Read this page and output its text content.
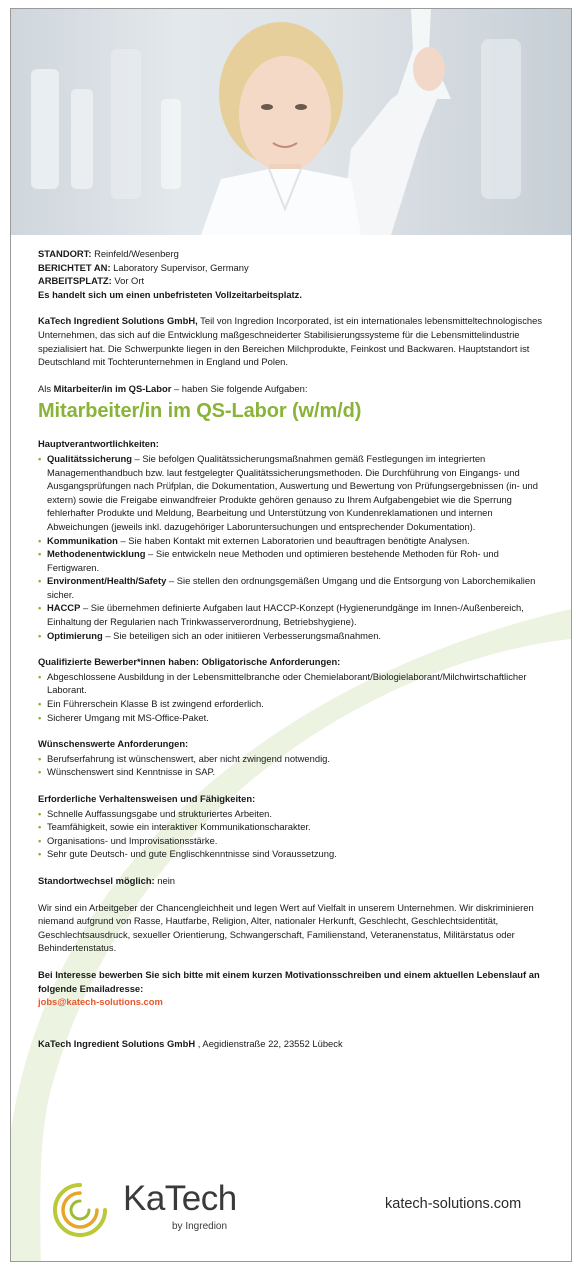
STANDORT: Reinfeld/Wesenberg
BERICHTET AN: Laboratory Supervisor, Germany
ARBEITSPLATZ: Vor Ort
Es handelt sich um einen unbefristeten Vollzeitarbeitsplatz.

KaTech Ingredient Solutions GmbH, Teil von Ingredion Incorporated, ist ein internationales lebensmitteltechnologisches Unternehmen, das sich auf die Entwicklung maßgeschneiderter Stabilisierungssysteme für die Lebensmittelindustrie spezialisiert hat. Die Schwerpunkte liegen in den Bereichen Milchprodukte, Feinkost und Backwaren. Hauptstandort ist Deutschland mit Tochterunternehmen in England und Polen.

Als Mitarbeiter/in im QS-Labor – haben Sie folgende Aufgaben:

Mitarbeiter/in im QS-Labor (w/m/d)
Hauptverantwortlichkeiten:
• Qualitätssicherung – Sie befolgen Qualitätssicherungsmaßnahmen gemäß Festlegungen im integrierten Managementhandbuch bzw. laut festgelegter Qualitätssicherungsmethoden. Die Durchführung von Eingangs- und Ausgangsprüfungen nach Prüfplan, die Dokumentation, Auswertung und Bewertung von Prüfungsergebnissen (in- und extern) sowie die Freigabe einwandfreier Produkte gehören genauso zu Ihrem Aufgabengebiet wie die Sperrung fehlerhafter Produkte und Meldung, Bearbeitung und Unterstützung von Kundenreklamationen und internen Abweichungen (jeweils inkl. dazugehöriger Laboruntersuchungen und entsprechender Dokumentation).
• Kommunikation – Sie haben Kontakt mit externen Laboratorien und beauftragen benötigte Analysen.
• Methodenentwicklung – Sie entwickeln neue Methoden und optimieren bestehende Methoden für Roh- und Fertigwaren.
• Environment/Health/Safety – Sie stellen den ordnungsgemäßen Umgang und die Entsorgung von Laborchemikalien sicher.
• HACCP – Sie übernehmen definierte Aufgaben laut HACCP-Konzept (Hygienerundgänge im Innen-/Außenbereich, Einhaltung der Regularien nach Trinkwasserverordnung, Betriebshygiene).
• Optimierung – Sie beteiligen sich an oder initiieren Verbesserungsmaßnahmen.
Qualifizierte Bewerber*innen haben: Obligatorische Anforderungen:
• Abgeschlossene Ausbildung in der Lebensmittelbranche oder Chemielaborant/Biologielaborant/Milchwirtschaftlicher Laborant.
• Ein Führerschein Klasse B ist zwingend erforderlich.
• Sicherer Umgang mit MS-Office-Paket.
Wünschenswerte Anforderungen:
• Berufserfahrung ist wünschenswert, aber nicht zwingend notwendig.
• Wünschenswert sind Kenntnisse in SAP.
Erforderliche Verhaltensweisen und Fähigkeiten:
• Schnelle Auffassungsgabe und strukturiertes Arbeiten.
• Teamfähigkeit, sowie ein interaktiver Kommunikationscharakter.
• Organisations- und Improvisationsstärke.
• Sehr gute Deutsch- und gute Englischkenntnisse sind Voraussetzung.

Standortwechsel möglich: nein

Wir sind ein Arbeitgeber der Chancengleichheit und legen Wert auf Vielfalt in unserem Unternehmen. Wir diskriminieren niemand aufgrund von Rasse, Hautfarbe, Religion, Alter, nationaler Herkunft, Geschlecht, Geschlechtsidentität, Geschlechtsausdruck, sexueller Orientierung, Schwangerschaft, Familienstand, Veteranenstatus, Militärstatus oder Behindertenstatus.

Bei Interesse bewerben Sie sich bitte mit einem kurzen Motivationsschreiben und einem aktuellen Lebenslauf an folgende Emailadresse:
jobs@katech-solutions.com

KaTech Ingredient Solutions GmbH , Aegidienstraße 22, 23552 Lübeck

KaTech
by Ingredion
katech-solutions.com
